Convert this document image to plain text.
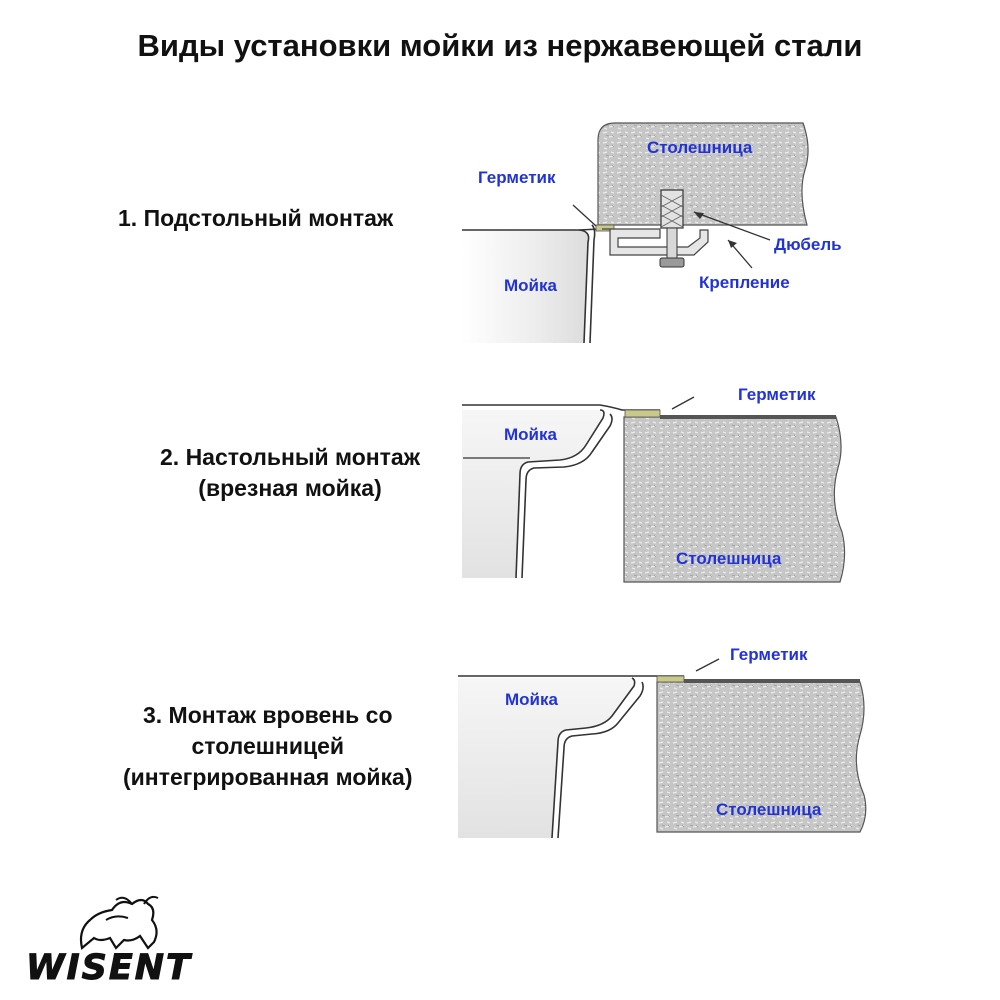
Виды установки мойки из нержавеющей стали
1. Подстольный монтаж
2. Настольный монтаж
(врезная мойка)
3. Монтаж вровень со
столешницей
(интегрированная мойка)
Герметик
Столешница
Мойка
Дюбель
Крепление
Герметик
Мойка
Столешница
Герметик
Мойка
Столешница
WISENT
